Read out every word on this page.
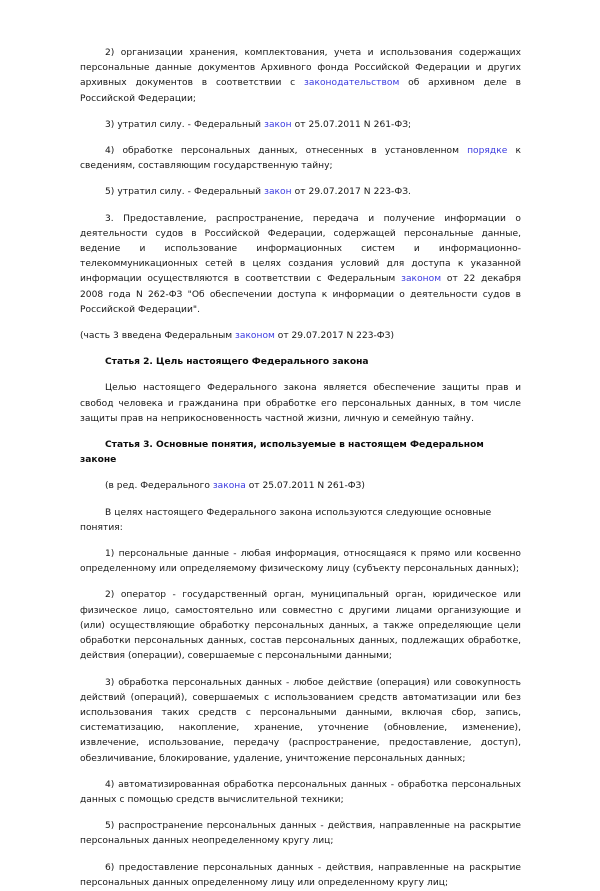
2) организации хранения, комплектования, учета и использования содержащих персональные данные документов Архивного фонда Российской Федерации и других архивных документов в соответствии с законодательством об архивном деле в Российской Федерации;

3) утратил силу. - Федеральный закон от 25.07.2011 N 261-ФЗ;

4) обработке персональных данных, отнесенных в установленном порядке к сведениям, составляющим государственную тайну;

5) утратил силу. - Федеральный закон от 29.07.2017 N 223-ФЗ.

3. Предоставление, распространение, передача и получение информации о деятельности судов в Российской Федерации, содержащей персональные данные, ведение и использование информационных систем и информационно-телекоммуникационных сетей в целях создания условий для доступа к указанной информации осуществляются в соответствии с Федеральным законом от 22 декабря 2008 года N 262-ФЗ "Об обеспечении доступа к информации о деятельности судов в Российской Федерации".

(часть 3 введена Федеральным законом от 29.07.2017 N 223-ФЗ)

Статья 2. Цель настоящего Федерального закона

Целью настоящего Федерального закона является обеспечение защиты прав и свобод человека и гражданина при обработке его персональных данных, в том числе защиты прав на неприкосновенность частной жизни, личную и семейную тайну.

Статья 3. Основные понятия, используемые в настоящем Федеральном законе

(в ред. Федерального закона от 25.07.2011 N 261-ФЗ)

В целях настоящего Федерального закона используются следующие основные понятия:

1) персональные данные - любая информация, относящаяся к прямо или косвенно определенному или определяемому физическому лицу (субъекту персональных данных);

2) оператор - государственный орган, муниципальный орган, юридическое или физическое лицо, самостоятельно или совместно с другими лицами организующие и (или) осуществляющие обработку персональных данных, а также определяющие цели обработки персональных данных, состав персональных данных, подлежащих обработке, действия (операции), совершаемые с персональными данными;

3) обработка персональных данных - любое действие (операция) или совокупность действий (операций), совершаемых с использованием средств автоматизации или без использования таких средств с персональными данными, включая сбор, запись, систематизацию, накопление, хранение, уточнение (обновление, изменение), извлечение, использование, передачу (распространение, предоставление, доступ), обезличивание, блокирование, удаление, уничтожение персональных данных;

4) автоматизированная обработка персональных данных - обработка персональных данных с помощью средств вычислительной техники;

5) распространение персональных данных - действия, направленные на раскрытие персональных данных неопределенному кругу лиц;

6) предоставление персональных данных - действия, направленные на раскрытие персональных данных определенному лицу или определенному кругу лиц;
